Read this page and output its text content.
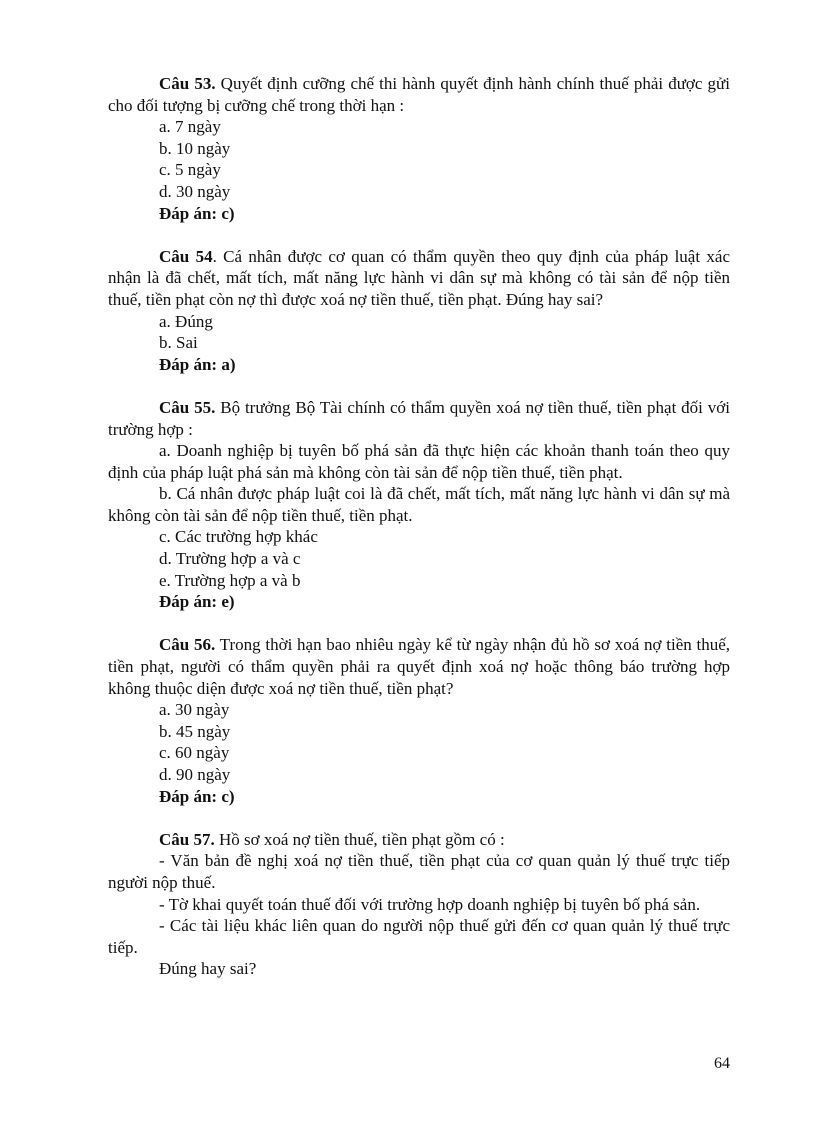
Câu 53. Quyết định cưỡng chế thi hành quyết định hành chính thuế phải được gửi cho đối tượng bị cưỡng chế trong thời hạn :

a. 7 ngày

b. 10 ngày

c. 5 ngày

d. 30 ngày

Đáp án: c)

Câu 54. Cá nhân được cơ quan có thẩm quyền theo quy định của pháp luật xác nhận là đã chết, mất tích, mất năng lực hành vi dân sự mà không có tài sản để nộp tiền thuế, tiền phạt còn nợ thì được xoá nợ tiền thuế, tiền phạt. Đúng hay sai?

a. Đúng

b. Sai

Đáp án: a)

Câu 55. Bộ trưởng Bộ Tài chính có thẩm quyền xoá nợ tiền thuế, tiền phạt đối với trường hợp :

a. Doanh nghiệp bị tuyên bố phá sản đã thực hiện các khoản thanh toán theo quy định của pháp luật phá sản mà không còn tài sản để nộp tiền thuế, tiền phạt.

b. Cá nhân được pháp luật coi là đã chết, mất tích, mất năng lực hành vi dân sự mà không còn tài sản để nộp tiền thuế, tiền phạt.

c. Các trường hợp khác

d. Trường hợp a và c

e. Trường hợp a và b

Đáp án: e)

Câu 56. Trong thời hạn bao nhiêu ngày kể từ ngày nhận đủ hồ sơ xoá nợ tiền thuế, tiền phạt, người có thẩm quyền phải ra quyết định xoá nợ hoặc thông báo trường hợp không thuộc diện được xoá nợ tiền thuế, tiền phạt?

a. 30 ngày

b. 45 ngày

c. 60 ngày

d. 90 ngày

Đáp án: c)

Câu 57. Hồ sơ xoá nợ tiền thuế, tiền phạt gồm có :

- Văn bản đề nghị xoá nợ tiền thuế, tiền phạt của cơ quan quản lý thuế trực tiếp người nộp thuế.

- Tờ khai quyết toán thuế đối với trường hợp doanh nghiệp bị tuyên bố phá sản.

- Các tài liệu khác liên quan do người nộp thuế gửi đến cơ quan quản lý thuế trực tiếp.

Đúng hay sai?

64
